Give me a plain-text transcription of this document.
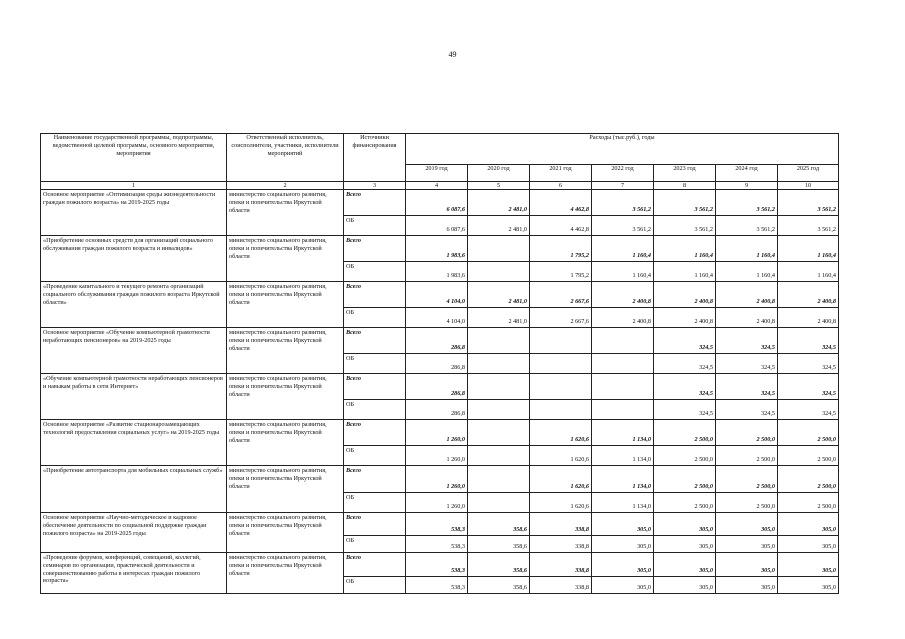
49
Наименование государственной программы, подпрограммы, ведомственной целевой программы, основного мероприятия, мероприятия	Ответственный исполнитель, соисполнители, участники, исполнители мероприятий	Источники финансирования	Расходы (тыс.руб.), годы						
			2019 год	2020 год	2021 год	2022 год	2023 год	2024 год	2025 год
1	2	3	4	5	6	7	8	9	10
Основное мероприятие «Оптимизация среды жизнедеятельности граждан пожилого возраста» на 2019-2025 годы	министерство социального развития, опеки и попечительства Иркутской области	Всего	6 087,6	2 481,0	4 462,8	3 561,2	3 561,2	3 561,2	3 561,2
		ОБ	6 087,6	2 481,0	4 462,8	3 561,2	3 561,2	3 561,2	3 561,2
«Приобретение основных средств для организаций социального обслуживания граждан пожилого возраста и инвалидов»	министерство социального развития, опеки и попечительства Иркутской области	Всего	1 983,6		1 795,2	1 160,4	1 160,4	1 160,4	1 160,4
		ОБ	1 983,6		1 795,2	1 160,4	1 160,4	1 160,4	1 160,4
«Проведение капитального и текущего ремонта организаций социального обслуживания граждан пожилого возраста Иркутской области»	министерство социального развития, опеки и попечительства Иркутской области	Всего	4 104,0	2 481,0	2 667,6	2 400,8	2 400,8	2 400,8	2 400,8
		ОБ	4 104,0	2 481,0	2 667,6	2 400,8	2 400,8	2 400,8	2 400,8
Основное мероприятие «Обучение компьютерной грамотности неработающих пенсионеров» на 2019-2025 годы	министерство социального развития, опеки и попечительства Иркутской области	Всего	286,8				324,5	324,5	324,5
		ОБ	286,8				324,5	324,5	324,5
«Обучение компьютерной грамотности неработающих пенсионеров и навыкам работы в сети Интернет»	министерство социального развития, опеки и попечительства Иркутской области	Всего	286,8				324,5	324,5	324,5
		ОБ	286,8				324,5	324,5	324,5
Основное мероприятие «Развитие стационарозамещающих технологий предоставления социальных услуг» на 2019-2025 годы	министерство социального развития, опеки и попечительства Иркутской области	Всего	1 260,0		1 620,6	1 134,0	2 500,0	2 500,0	2 500,0
		ОБ	1 260,0		1 620,6	1 134,0	2 500,0	2 500,0	2 500,0
«Приобретение автотранспорта для мобильных социальных служб»	министерство социального развития, опеки и попечительства Иркутской области	Всего	1 260,0		1 620,6	1 134,0	2 500,0	2 500,0	2 500,0
		ОБ	1 260,0		1 620,6	1 134,0	2 500,0	2 500,0	2 500,0
Основное мероприятие «Научно-методическое и кадровое обеспечение деятельности по социальной поддержке граждан пожилого возраста» на 2019-2025 годы	министерство социального развития, опеки и попечительства Иркутской области	Всего	538,3	358,6	338,8	305,0	305,0	305,0	305,0
		ОБ	538,3	358,6	338,8	305,0	305,0	305,0	305,0
«Проведение форумов, конференций, совещаний, коллегий, семинаров по организации, практической деятельности и совершенствованию работы в интересах граждан пожилого возраста»	министерство социального развития, опеки и попечительства Иркутской области	Всего	538,3	358,6	338,8	305,0	305,0	305,0	305,0
		ОБ	538,3	358,6	338,8	305,0	305,0	305,0	305,0
